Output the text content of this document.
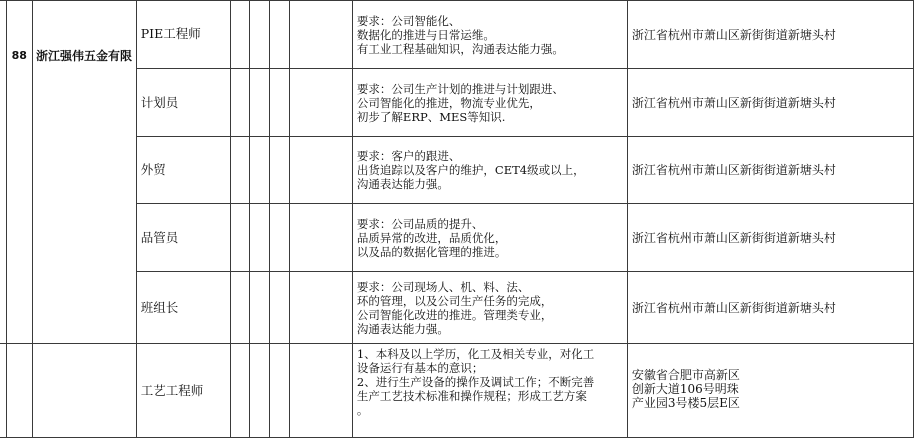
	88	浙江强伟五金有限	PIE工程师					要求：公司智能化、
数据化的推进与日常运维。
有工业工程基础知识，沟通表达能力强。	浙江省杭州市萧山区新街街道新塘头村

			计划员					要求：公司生产计划的推进与计划跟进、
公司智能化的推进，物流专业优先，
初步了解ERP、MES等知识.	浙江省杭州市萧山区新街街道新塘头村

			外贸					要求：客户的跟进、
出货追踪以及客户的维护，CET4级或以上，
沟通表达能力强。	浙江省杭州市萧山区新街街道新塘头村

			品管员					要求：公司品质的提升、
品质异常的改进，品质优化，
以及品的数据化管理的推进。	浙江省杭州市萧山区新街街道新塘头村

			班组长					要求：公司现场人、机、料、法、
环的管理，以及公司生产任务的完成，
公司智能化改进的推进。管理类专业，
沟通表达能力强。	浙江省杭州市萧山区新街街道新塘头村

			工艺工程师					1、本科及以上学历，化工及相关专业，对化工
设备运行有基本的意识；
2、进行生产设备的操作及调试工作；不断完善
生产工艺技术标准和操作规程；形成工艺方案
。	安徽省合肥市高新区
创新大道106号明珠
产业园3号楼5层E区
